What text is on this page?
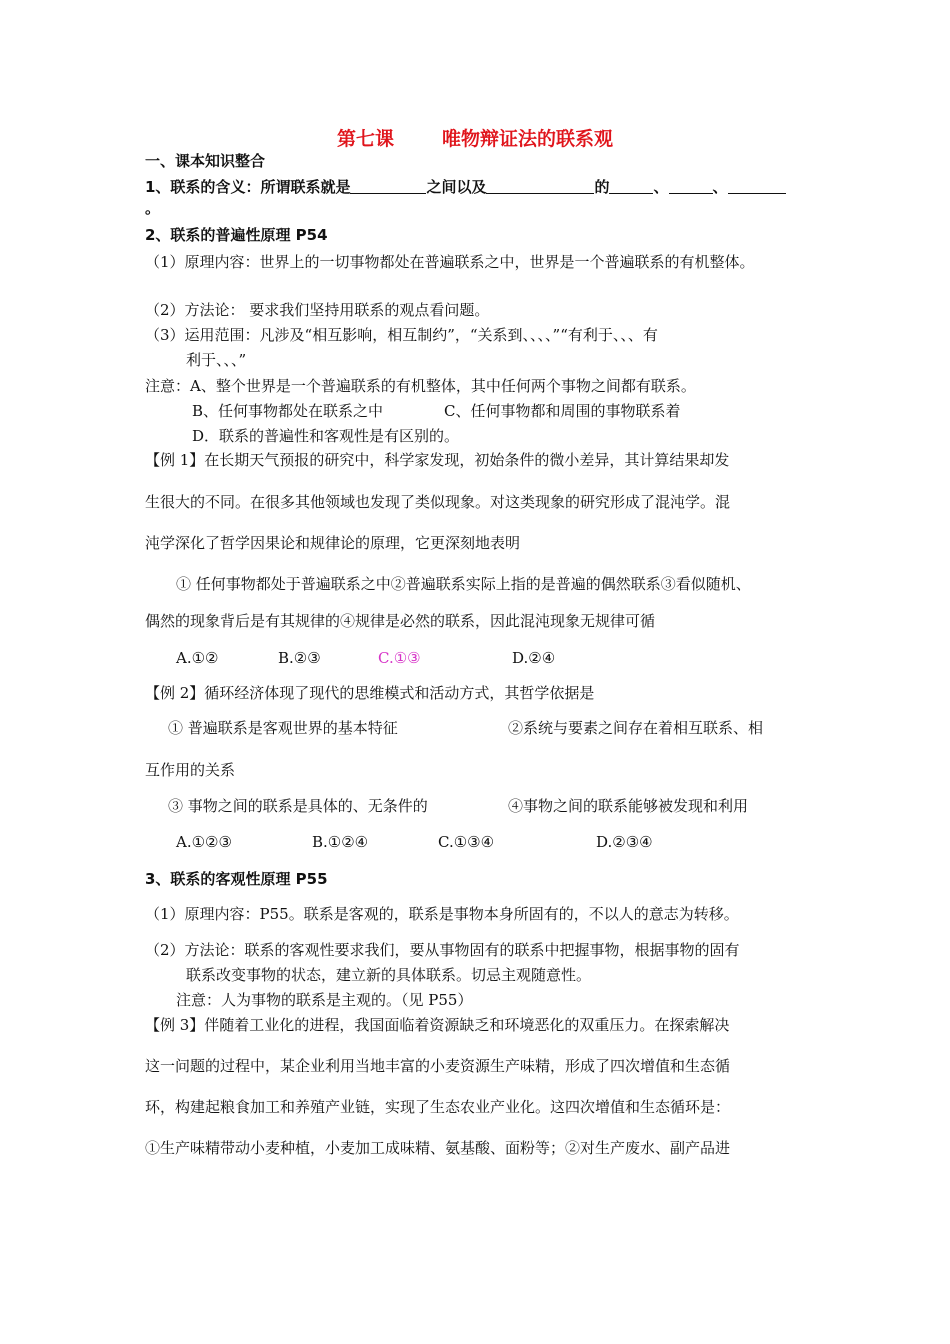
第七课	唯物辩证法的联系观
一、课本知识整合
1、联系的含义：所谓联系就是	之间以及	的	、	、
。
2、联系的普遍性原理 P54
（1）原理内容：世界上的一切事物都处在普遍联系之中，世界是一个普遍联系的有机整体。
（2）方法论： 要求我们坚持用联系的观点看问题。
（3）运用范围：凡涉及“相互影响，相互制约”，“关系到、、、、”“有利于、、、有
利于、、、”
注意：A、整个世界是一个普遍联系的有机整体，其中任何两个事物之间都有联系。
B、任何事物都处在联系之中	C、任何事物都和周围的事物联系着
D．联系的普遍性和客观性是有区别的。
【例 1】在长期天气预报的研究中，科学家发现，初始条件的微小差异，其计算结果却发
生很大的不同。在很多其他领域也发现了类似现象。对这类现象的研究形成了混沌学。混
沌学深化了哲学因果论和规律论的原理，它更深刻地表明
① 任何事物都处于普遍联系之中②普遍联系实际上指的是普遍的偶然联系③看似随机、
偶然的现象背后是有其规律的④规律是必然的联系，因此混沌现象无规律可循
A.①②	B.②③	C.①③	D.②④
【例 2】循环经济体现了现代的思维模式和活动方式，其哲学依据是
① 普遍联系是客观世界的基本特征	②系统与要素之间存在着相互联系、相
互作用的关系
③ 事物之间的联系是具体的、无条件的	④事物之间的联系能够被发现和利用
A.①②③	B.①②④	C.①③④	D.②③④
3、联系的客观性原理 P55
（1）原理内容：P55。联系是客观的，联系是事物本身所固有的，不以人的意志为转移。
（2）方法论：联系的客观性要求我们，要从事物固有的联系中把握事物，根据事物的固有
联系改变事物的状态，建立新的具体联系。切忌主观随意性。
注意：人为事物的联系是主观的。（见 P55）
【例 3】伴随着工业化的进程，我国面临着资源缺乏和环境恶化的双重压力。在探索解决
这一问题的过程中，某企业利用当地丰富的小麦资源生产味精，形成了四次增值和生态循
环，构建起粮食加工和养殖产业链，实现了生态农业产业化。这四次增值和生态循环是：
①生产味精带动小麦种植，小麦加工成味精、氨基酸、面粉等；②对生产废水、副产品进
